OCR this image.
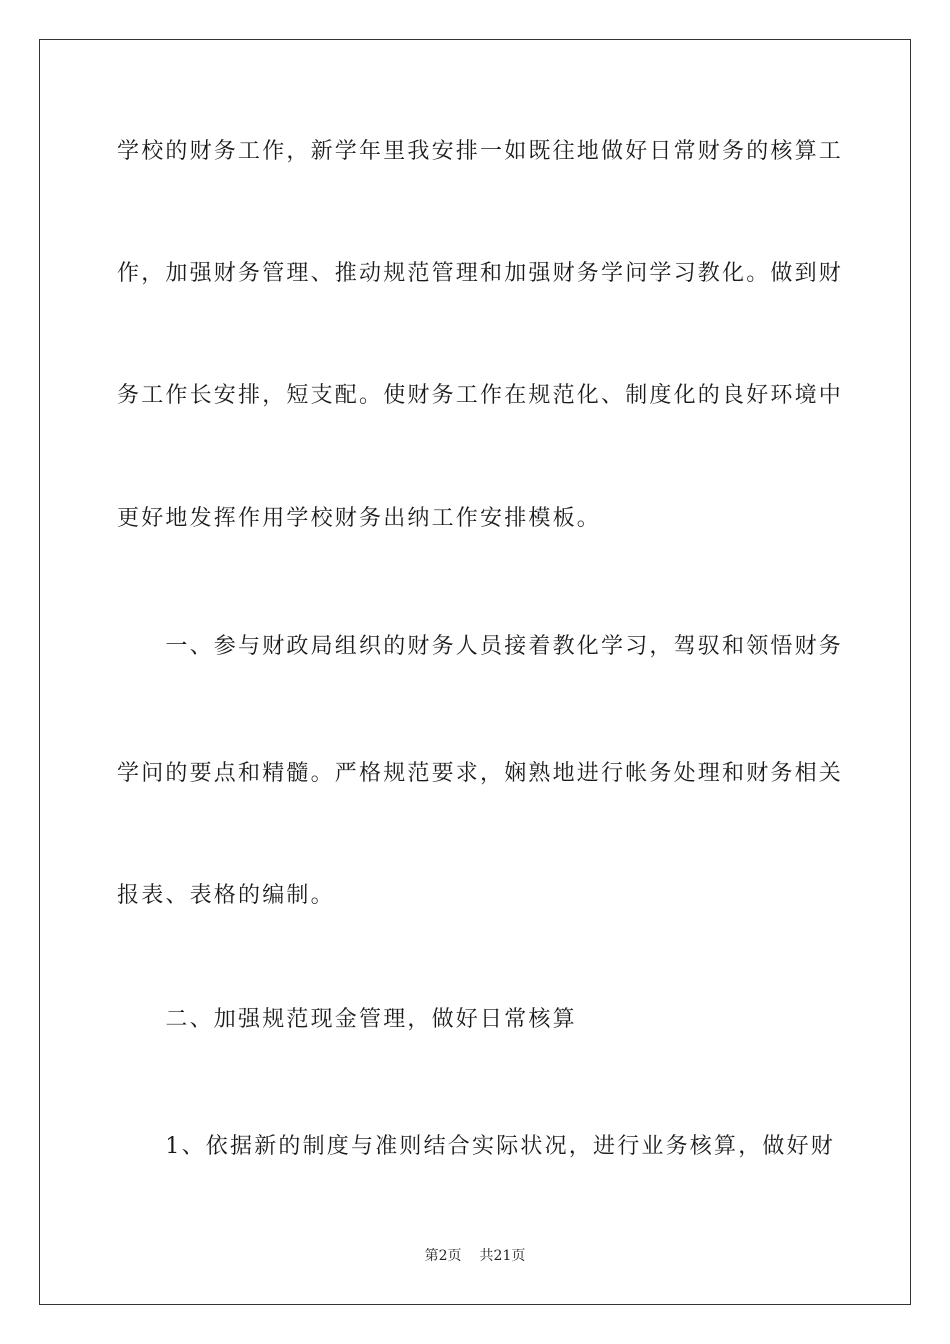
学校的财务工作，新学年里我安排一如既往地做好日常财务的核算工
作，加强财务管理、推动规范管理和加强财务学问学习教化。做到财
务工作长安排，短支配。使财务工作在规范化、制度化的良好环境中
更好地发挥作用学校财务出纳工作安排模板。
　　一、参与财政局组织的财务人员接着教化学习，驾驭和领悟财务
学问的要点和精髓。严格规范要求，娴熟地进行帐务处理和财务相关
报表、表格的编制。
　　二、加强规范现金管理，做好日常核算
　　1、依据新的制度与准则结合实际状况，进行业务核算，做好财
第2页 共21页
